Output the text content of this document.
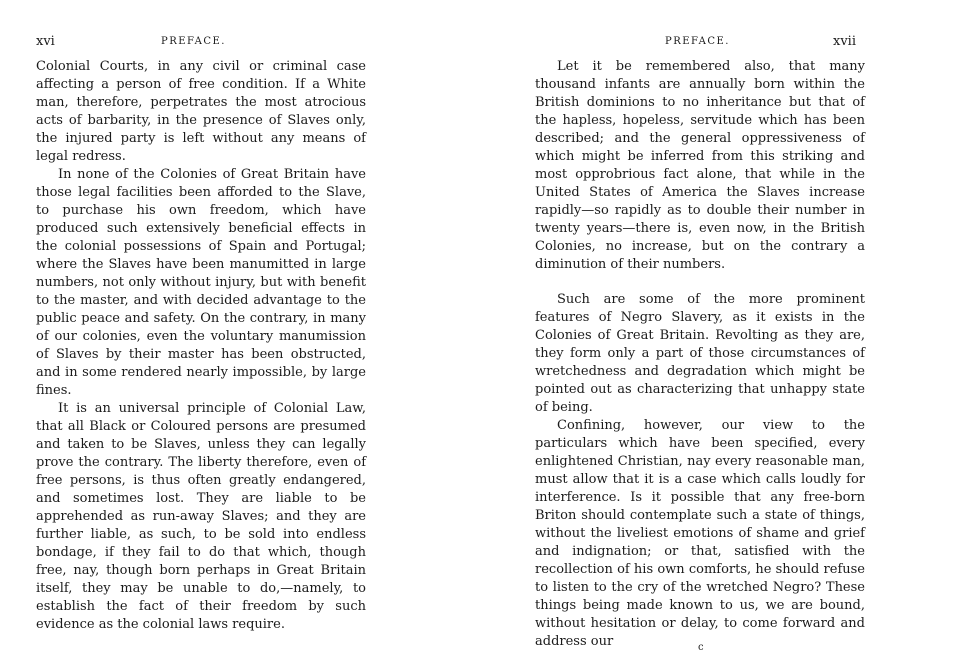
xvi	PREFACE.

Colonial Courts, in any civil or criminal case affecting a person of free condition. If a White man, therefore, perpetrates the most atrocious acts of barbarity, in the presence of Slaves only, the injured party is left without any means of legal redress.

In none of the Colonies of Great Britain have those legal facilities been afforded to the Slave, to purchase his own freedom, which have produced such extensively beneficial effects in the colonial possessions of Spain and Portugal; where the Slaves have been manumitted in large numbers, not only without injury, but with benefit to the master, and with decided advantage to the public peace and safety. On the contrary, in many of our colonies, even the voluntary manumission of Slaves by their master has been obstructed, and in some rendered nearly impossible, by large fines.

It is an universal principle of Colonial Law, that all Black or Coloured persons are presumed and taken to be Slaves, unless they can legally prove the contrary. The liberty therefore, even of free persons, is thus often greatly endangered, and sometimes lost. They are liable to be apprehended as run-away Slaves; and they are further liable, as such, to be sold into endless bondage, if they fail to do that which, though free, nay, though born perhaps in Great Britain itself, they may be unable to do,—namely, to establish the fact of their freedom by such evidence as the colonial laws require.

PREFACE.	xvii

Let it be remembered also, that many thousand infants are annually born within the British dominions to no inheritance but that of the hapless, hopeless, servitude which has been described; and the general oppressiveness of which might be inferred from this striking and most opprobrious fact alone, that while in the United States of America the Slaves increase rapidly—so rapidly as to double their number in twenty years—there is, even now, in the British Colonies, no increase, but on the contrary a diminution of their numbers.

Such are some of the more prominent features of Negro Slavery, as it exists in the Colonies of Great Britain. Revolting as they are, they form only a part of those circumstances of wretchedness and degradation which might be pointed out as characterizing that unhappy state of being.

Confining, however, our view to the particulars which have been specified, every enlightened Christian, nay every reasonable man, must allow that it is a case which calls loudly for interference. Is it possible that any free-born Briton should contemplate such a state of things, without the liveliest emotions of shame and grief and indignation; or that, satisfied with the recollection of his own comforts, he should refuse to listen to the cry of the wretched Negro? These things being made known to us, we are bound, without hesitation or delay, to come forward and address our	c
